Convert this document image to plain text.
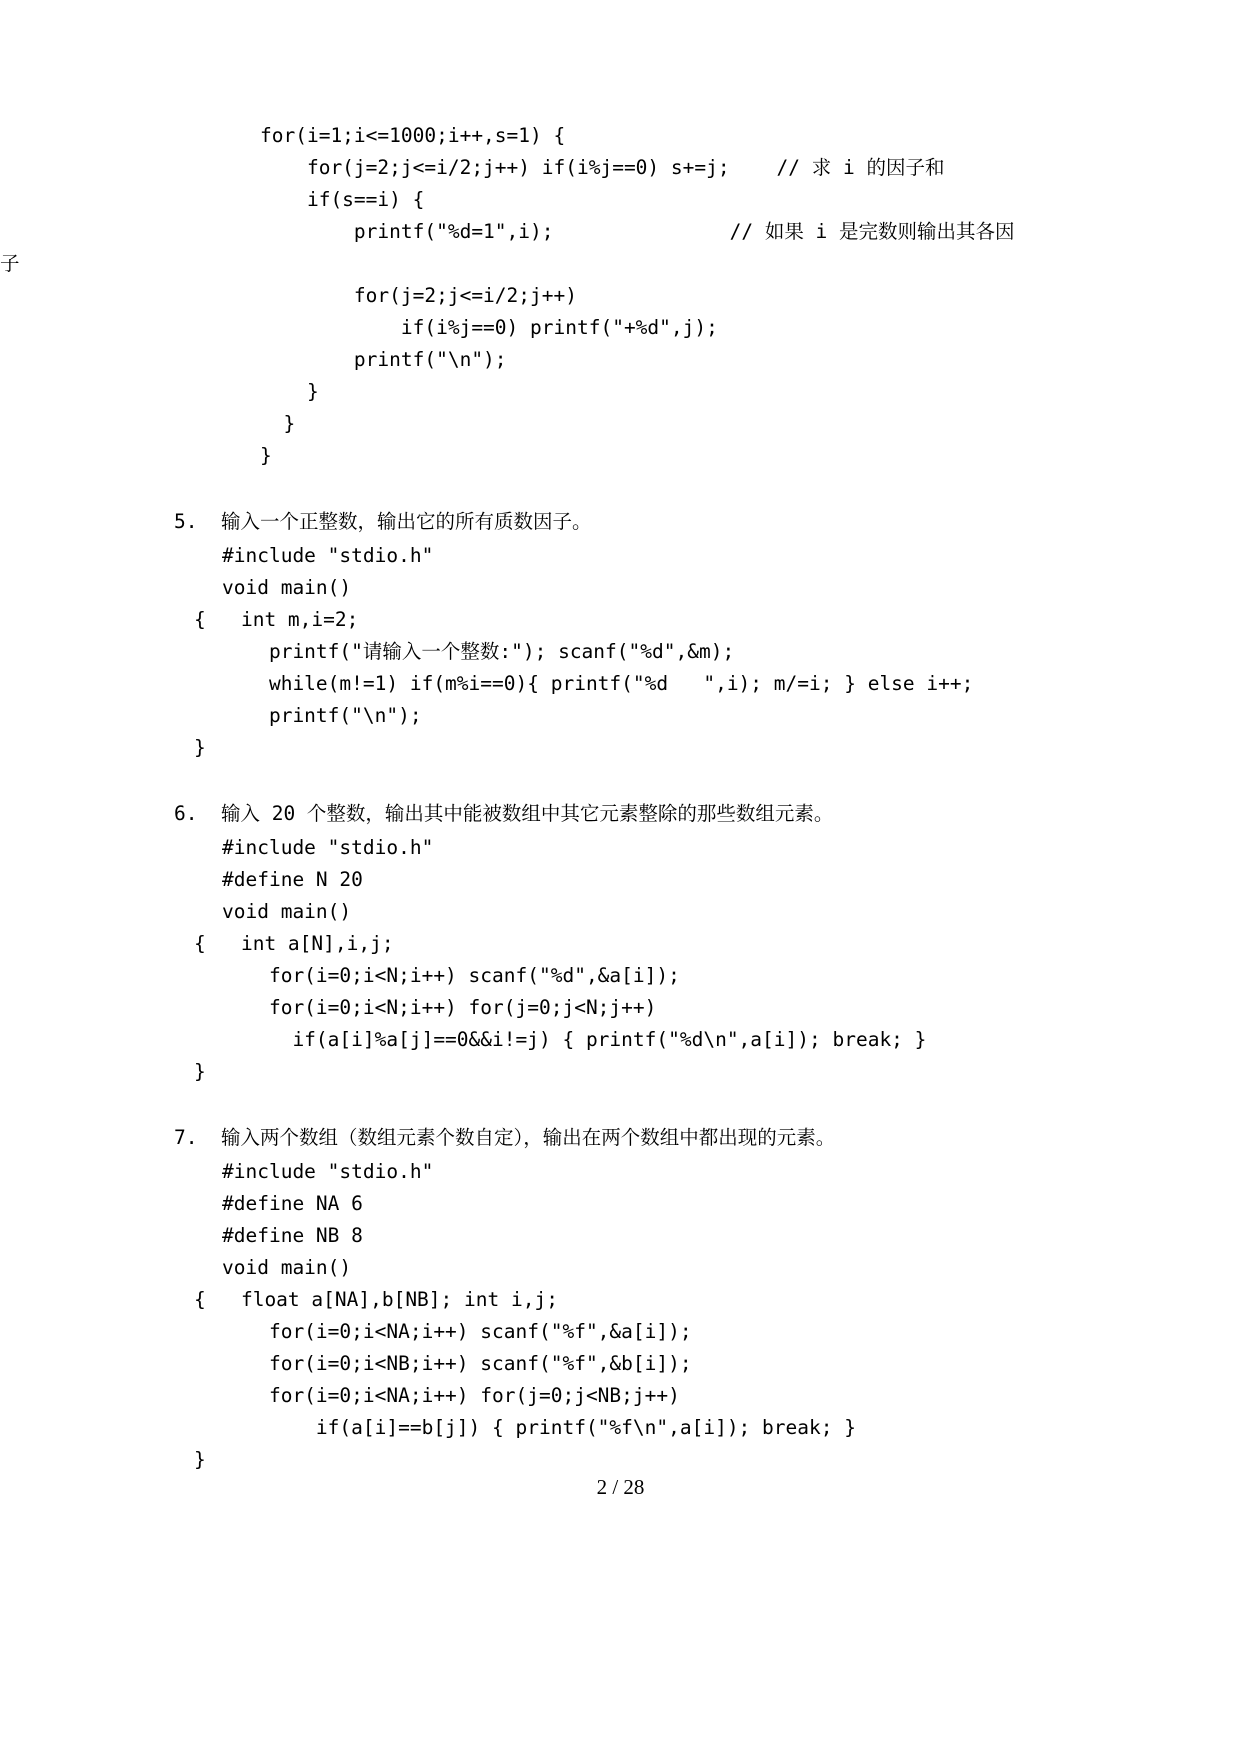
for(i=1;i<=1000;i++,s=1) {
for(j=2;j<=i/2;j++) if(i%j==0) s+=j;    // 求 i 的因子和
if(s==i) {
printf("%d=1",i);               // 如果 i 是完数则输出其各因
子
for(j=2;j<=i/2;j++)
if(i%j==0) printf("+%d",j);
printf("\n");
}
}
}
5. 输入一个正整数，输出它的所有质数因子。
#include "stdio.h"
void main()
{   int m,i=2;
printf("请输入一个整数:"); scanf("%d",&m);
while(m!=1) if(m%i==0){ printf("%d   ",i); m/=i; } else i++;
printf("\n");
}
6. 输入 20 个整数，输出其中能被数组中其它元素整除的那些数组元素。
#include "stdio.h"
#define N 20
void main()
{   int a[N],i,j;
for(i=0;i<N;i++) scanf("%d",&a[i]);
for(i=0;i<N;i++) for(j=0;j<N;j++)
if(a[i]%a[j]==0&&i!=j) { printf("%d\n",a[i]); break; }
}
7. 输入两个数组（数组元素个数自定），输出在两个数组中都出现的元素。
#include "stdio.h"
#define NA 6
#define NB 8
void main()
{   float a[NA],b[NB]; int i,j;
for(i=0;i<NA;i++) scanf("%f",&a[i]);
for(i=0;i<NB;i++) scanf("%f",&b[i]);
for(i=0;i<NA;i++) for(j=0;j<NB;j++)
if(a[i]==b[j]) { printf("%f\n",a[i]); break; }
}
2 / 28
